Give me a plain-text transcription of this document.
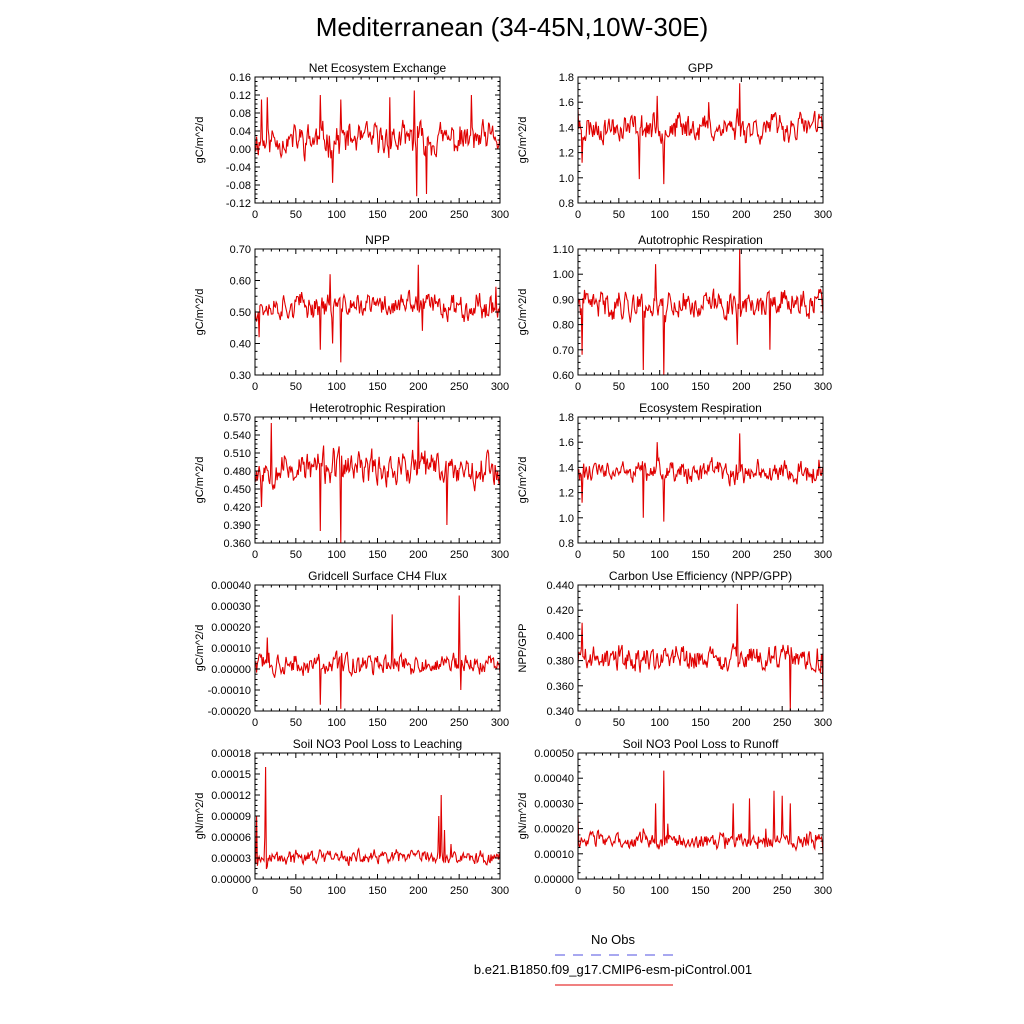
Mediterranean (34-45N,10W-30E)
Net Ecosystem Exchange
gC/m^2/d
0	50 100 150 200 250 300
-0.12
-0.08
-0.04
0.00
0.04
0.08
0.12
0.16
GPP
gC/m^2/d
0	50 100 150 200 250 300
0.8
1.0
1.2
1.4
1.6
1.8
NPP
gC/m^2/d
0	50 100 150 200 250 300
0.30
0.40
0.50
0.60
0.70
Autotrophic Respiration
gC/m^2/d
0	50 100 150 200 250 300
0.60
0.70
0.80
0.90
1.00
1.10
Heterotrophic Respiration
gC/m^2/d
0	50 100 150 200 250 300
0.360
0.390
0.420
0.450
0.480
0.510
0.540
0.570
Ecosystem Respiration
gC/m^2/d
0	50 100 150 200 250 300
0.8
1.0
1.2
1.4
1.6
1.8
Gridcell Surface CH4 Flux
gC/m^2/d
0	50 100 150 200 250 300
-0.00020
-0.00010
0.00000
0.00010
0.00020
0.00030
0.00040
Carbon Use Efficiency (NPP/GPP)
NPP/GPP
0	50 100 150 200 250 300
0.340
0.360
0.380
0.400
0.420
0.440
Soil NO3 Pool Loss to Leaching
gN/m^2/d
0	50 100 150 200 250 300
0.00000
0.00003
0.00006
0.00009
0.00012
0.00015
0.00018
Soil NO3 Pool Loss to Runoff
gN/m^2/d
0	50 100 150 200 250 300
0.00000
0.00010
0.00020
0.00030
0.00040
0.00050
No Obs
b.e21.B1850.f09_g17.CMIP6-esm-piControl.001
